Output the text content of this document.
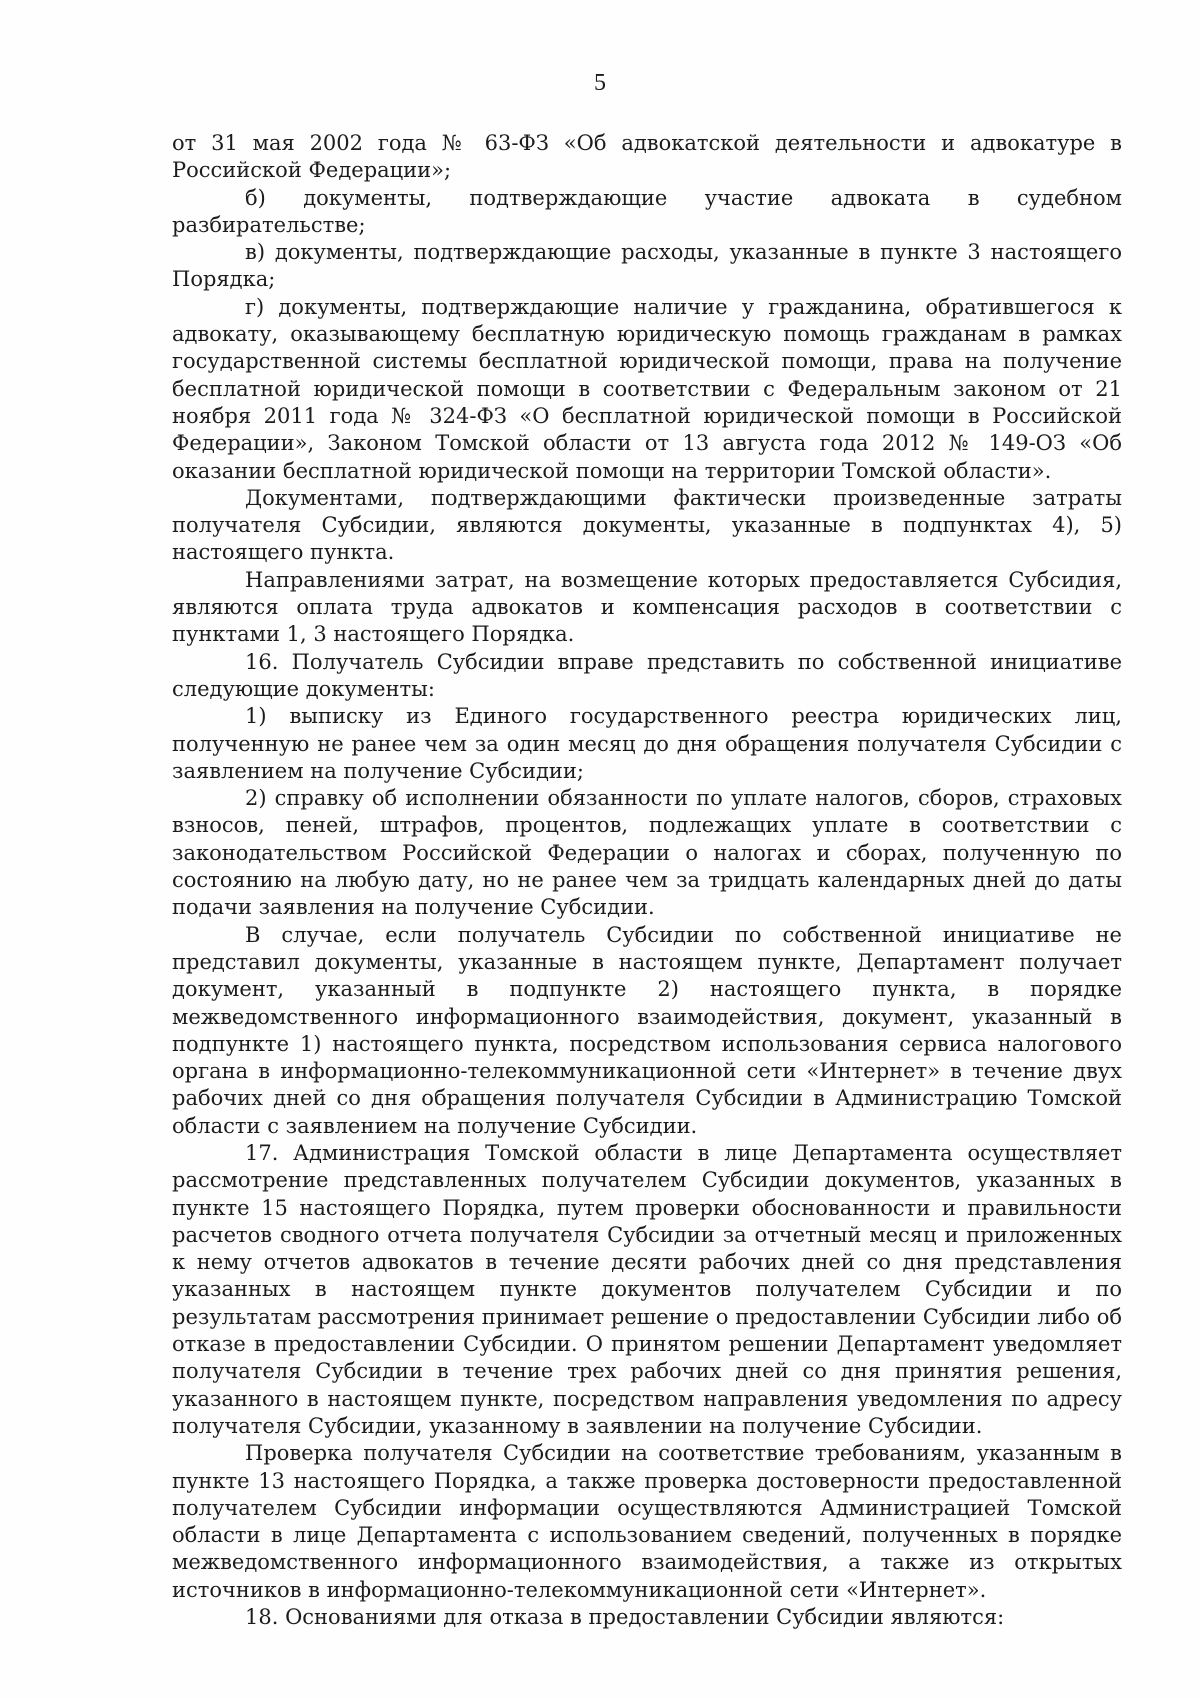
5

от 31 мая 2002 года № 63-ФЗ «Об адвокатской деятельности и адвокатуре в Российской Федерации»;

б) документы, подтверждающие участие адвоката в судебном разбирательстве;

в) документы, подтверждающие расходы, указанные в пункте 3 настоящего Порядка;

г) документы, подтверждающие наличие у гражданина, обратившегося к адвокату, оказывающему бесплатную юридическую помощь гражданам в рамках государственной системы бесплатной юридической помощи, права на получение бесплатной юридической помощи в соответствии с Федеральным законом от 21 ноября 2011 года № 324-ФЗ «О бесплатной юридической помощи в Российской Федерации», Законом Томской области от 13 августа года 2012 № 149-ОЗ «Об оказании бесплатной юридической помощи на территории Томской области».

Документами, подтверждающими фактически произведенные затраты получателя Субсидии, являются документы, указанные в подпунктах 4), 5) настоящего пункта.

Направлениями затрат, на возмещение которых предоставляется Субсидия, являются оплата труда адвокатов и компенсация расходов в соответствии с пунктами 1, 3 настоящего Порядка.

16. Получатель Субсидии вправе представить по собственной инициативе следующие документы:

1) выписку из Единого государственного реестра юридических лиц, полученную не ранее чем за один месяц до дня обращения получателя Субсидии с заявлением на получение Субсидии;

2) справку об исполнении обязанности по уплате налогов, сборов, страховых взносов, пеней, штрафов, процентов, подлежащих уплате в соответствии с законодательством Российской Федерации о налогах и сборах, полученную по состоянию на любую дату, но не ранее чем за тридцать календарных дней до даты подачи заявления на получение Субсидии.

В случае, если получатель Субсидии по собственной инициативе не представил документы, указанные в настоящем пункте, Департамент получает документ, указанный в подпункте 2) настоящего пункта, в порядке межведомственного информационного взаимодействия, документ, указанный в подпункте 1) настоящего пункта, посредством использования сервиса налогового органа в информационно-телекоммуникационной сети «Интернет» в течение двух рабочих дней со дня обращения получателя Субсидии в Администрацию Томской области с заявлением на получение Субсидии.

17. Администрация Томской области в лице Департамента осуществляет рассмотрение представленных получателем Субсидии документов, указанных в пункте 15 настоящего Порядка, путем проверки обоснованности и правильности расчетов сводного отчета получателя Субсидии за отчетный месяц и приложенных к нему отчетов адвокатов в течение десяти рабочих дней со дня представления указанных в настоящем пункте документов получателем Субсидии и по результатам рассмотрения принимает решение о предоставлении Субсидии либо об отказе в предоставлении Субсидии. О принятом решении Департамент уведомляет получателя Субсидии в течение трех рабочих дней со дня принятия решения, указанного в настоящем пункте, посредством направления уведомления по адресу получателя Субсидии, указанному в заявлении на получение Субсидии.

Проверка получателя Субсидии на соответствие требованиям, указанным в пункте 13 настоящего Порядка, а также проверка достоверности предоставленной получателем Субсидии информации осуществляются Администрацией Томской области в лице Департамента с использованием сведений, полученных в порядке межведомственного информационного взаимодействия, а также из открытых источников в информационно-телекоммуникационной сети «Интернет».

18. Основаниями для отказа в предоставлении Субсидии являются:
